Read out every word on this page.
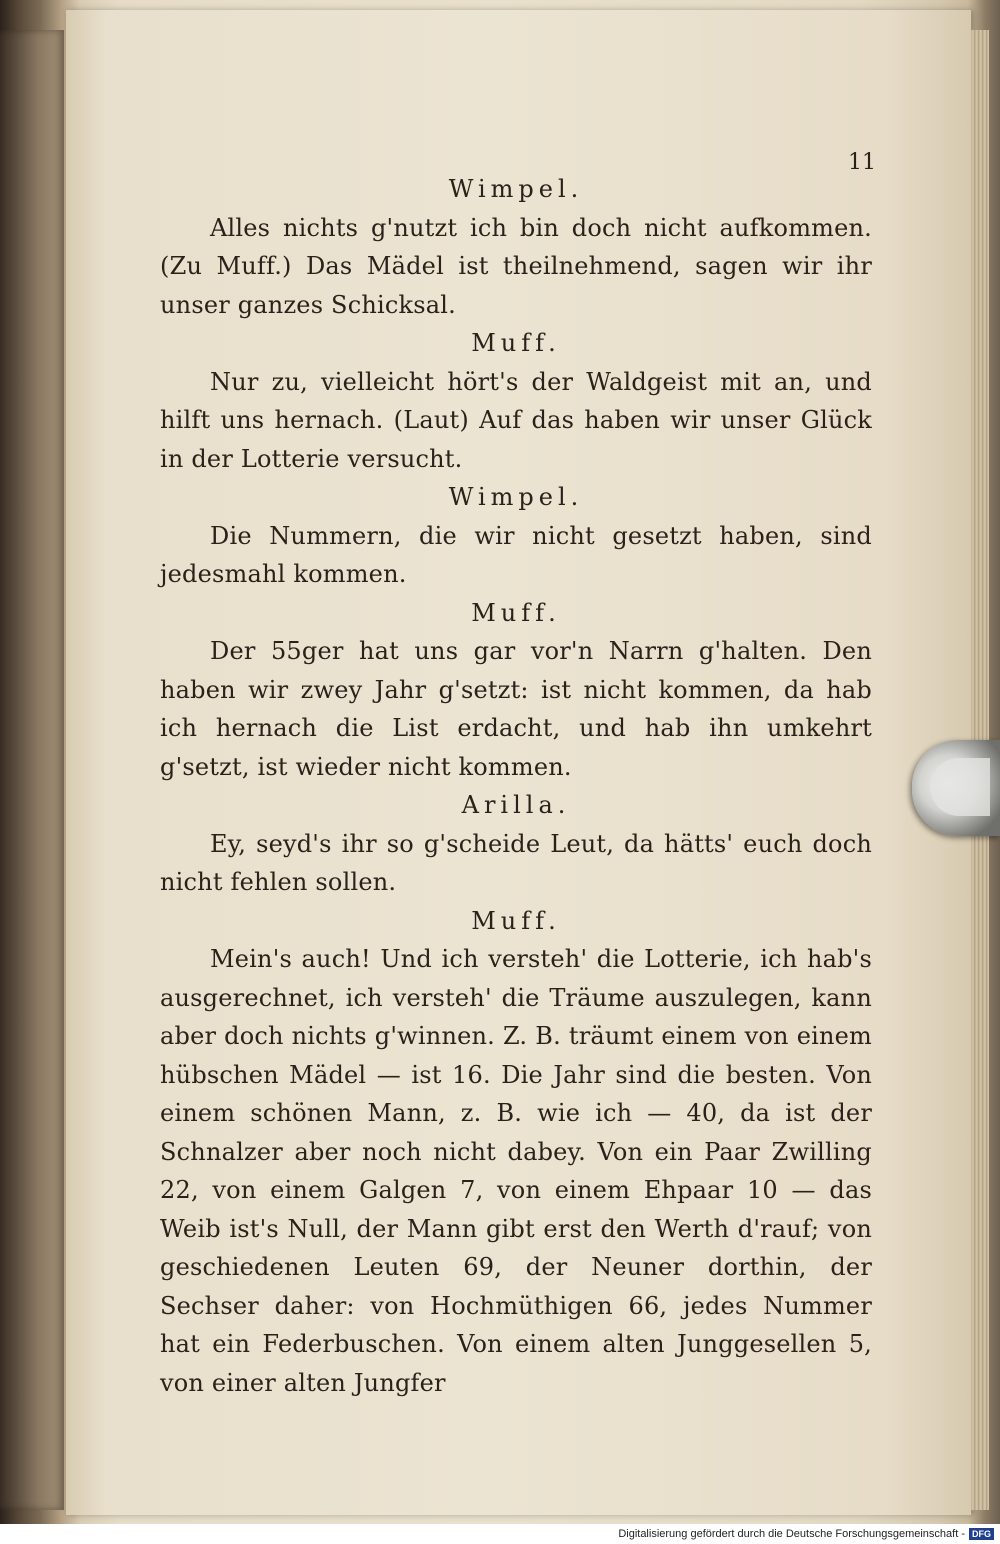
11

Wimpel.

Alles nichts g'nutzt ich bin doch nicht aufkommen. (Zu Muff.) Das Mädel ist theilnehmend, sagen wir ihr unser ganzes Schicksal.

Muff.

Nur zu, vielleicht hört's der Waldgeist mit an, und hilft uns hernach. (Laut) Auf das haben wir unser Glück in der Lotterie versucht.

Wimpel.

Die Nummern, die wir nicht gesetzt haben, sind jedesmahl kommen.

Muff.

Der 55ger hat uns gar vor'n Narrn g'halten. Den haben wir zwey Jahr g'setzt: ist nicht kommen, da hab ich hernach die List erdacht, und hab ihn umkehrt g'setzt, ist wieder nicht kommen.

Arilla.

Ey, seyd's ihr so g'scheide Leut, da hätts' euch doch nicht fehlen sollen.

Muff.

Mein's auch! Und ich versteh' die Lotterie, ich hab's ausgerechnet, ich versteh' die Träume auszulegen, kann aber doch nichts g'winnen. Z. B. träumt einem von einem hübschen Mädel — ist 16. Die Jahr sind die besten. Von einem schönen Mann, z. B. wie ich — 40, da ist der Schnalzer aber noch nicht dabey. Von ein Paar Zwilling 22, von einem Galgen 7, von einem Ehpaar 10 — das Weib ist's Null, der Mann gibt erst den Werth d'rauf; von geschiedenen Leuten 69, der Neuner dorthin, der Sechser daher: von Hochmüthigen 66, jedes Nummer hat ein Federbuschen. Von einem alten Junggesellen 5, von einer alten Jungfer

Digitalisierung gefördert durch die Deutsche Forschungsgemeinschaft - DFG
